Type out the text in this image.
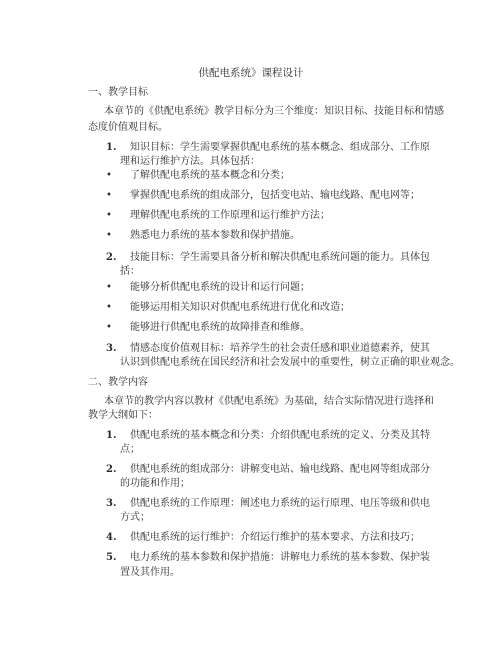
供配电系统》课程设计
一、教学目标
本章节的《供配电系统》教学目标分为三个维度：知识目标、技能目标和情感
态度价值观目标。
1. 知识目标：学生需要掌握供配电系统的基本概念、组成部分、工作原
理和运行维护方法。具体包括：
• 了解供配电系统的基本概念和分类；
• 掌握供配电系统的组成部分，包括变电站、输电线路、配电网等；
• 理解供配电系统的工作原理和运行维护方法；
• 熟悉电力系统的基本参数和保护措施。
2. 技能目标：学生需要具备分析和解决供配电系统问题的能力。具体包
括：
• 能够分析供配电系统的设计和运行问题；
• 能够运用相关知识对供配电系统进行优化和改造；
• 能够进行供配电系统的故障排查和维修。
3. 情感态度价值观目标：培养学生的社会责任感和职业道德素养，使其
认识到供配电系统在国民经济和社会发展中的重要性，树立正确的职业观念。
二、教学内容
本章节的教学内容以教材《供配电系统》为基础，结合实际情况进行选择和
教学大纲如下：
1. 供配电系统的基本概念和分类：介绍供配电系统的定义、分类及其特
点；
2. 供配电系统的组成部分：讲解变电站、输电线路、配电网等组成部分
的功能和作用；
3. 供配电系统的工作原理：阐述电力系统的运行原理、电压等级和供电
方式；
4. 供配电系统的运行维护：介绍运行维护的基本要求、方法和技巧；
5. 电力系统的基本参数和保护措施：讲解电力系统的基本参数、保护装
置及其作用。
